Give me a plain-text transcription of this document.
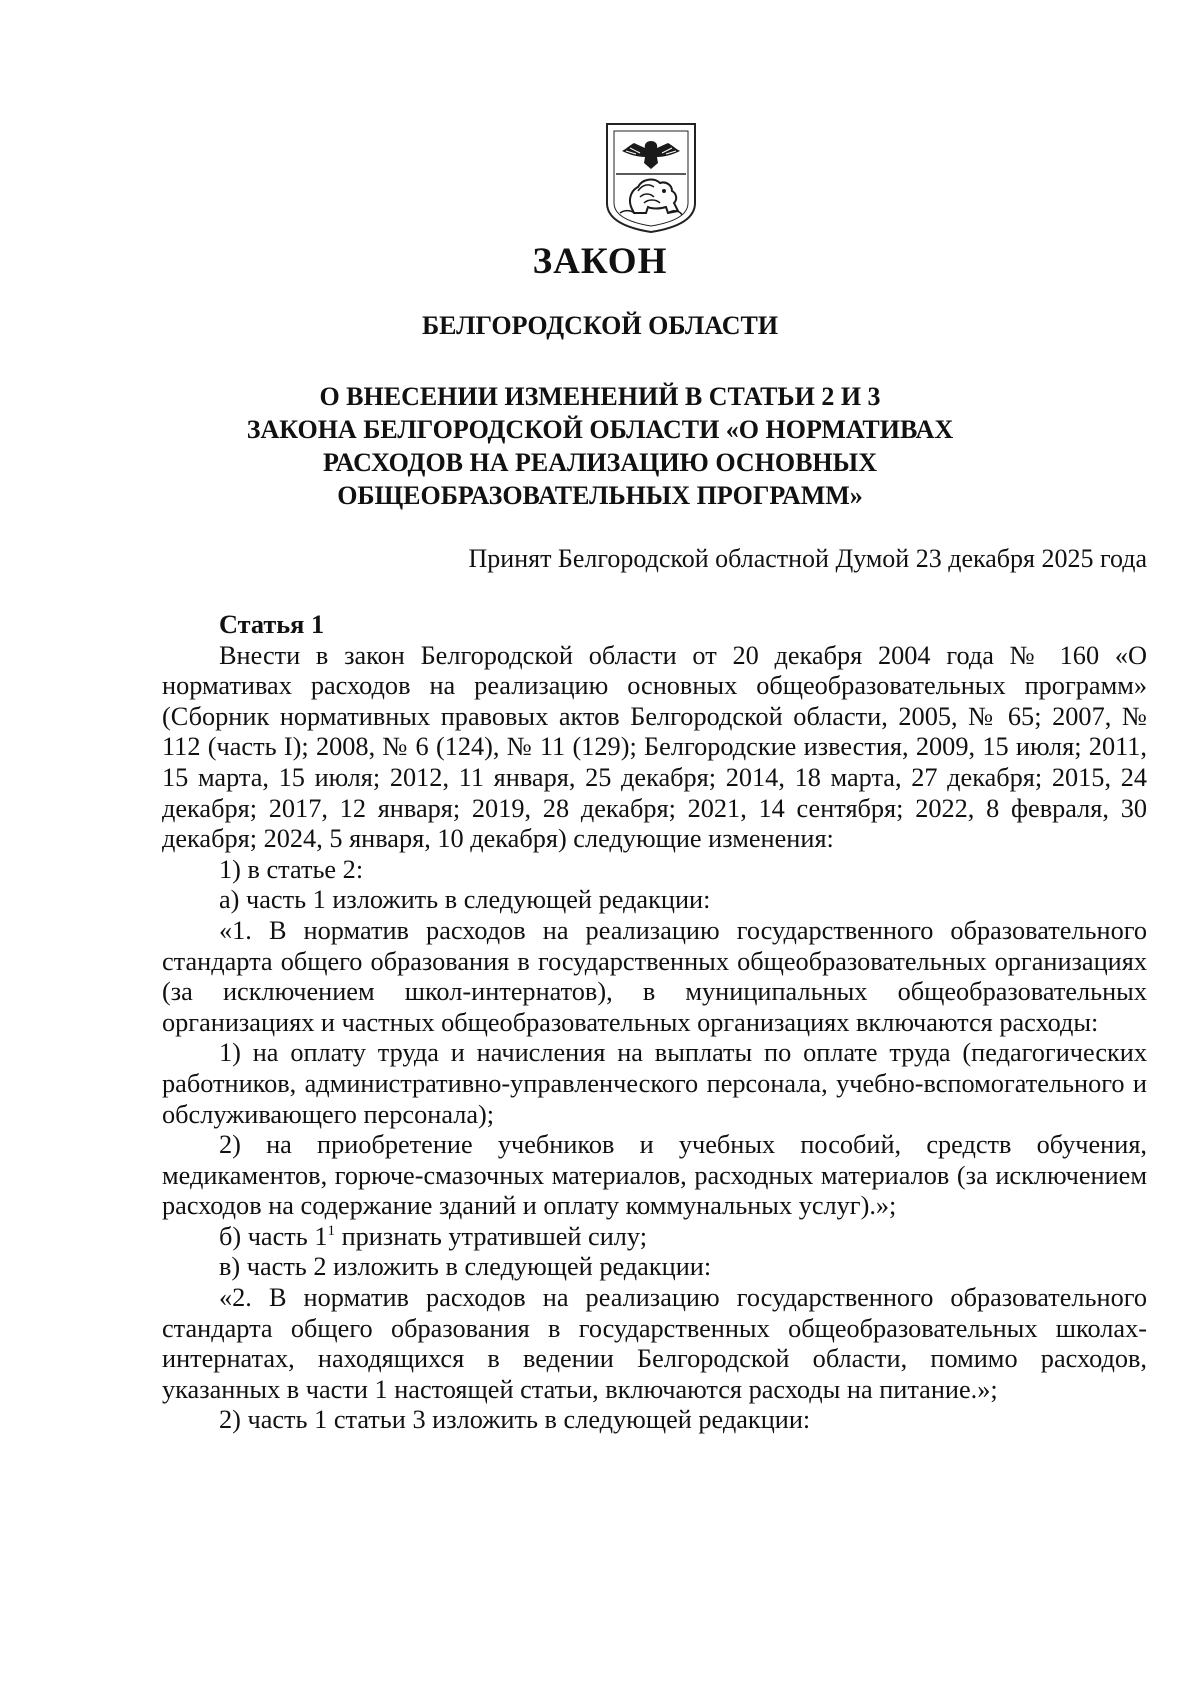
ЗАКОН
БЕЛГОРОДСКОЙ ОБЛАСТИ
О ВНЕСЕНИИ ИЗМЕНЕНИЙ В СТАТЬИ 2 И 3
ЗАКОНА БЕЛГОРОДСКОЙ ОБЛАСТИ «О НОРМАТИВАХ
РАСХОДОВ НА РЕАЛИЗАЦИЮ ОСНОВНЫХ
ОБЩЕОБРАЗОВАТЕЛЬНЫХ ПРОГРАММ»
Принят Белгородской областной Думой 23 декабря 2025 года

Статья 1

Внести в закон Белгородской области от 20 декабря 2004 года № 160 «О нормативах расходов на реализацию основных общеобразовательных программ» (Сборник нормативных правовых актов Белгородской области, 2005, № 65; 2007, № 112 (часть I); 2008, № 6 (124), № 11 (129); Белгородские известия, 2009, 15 июля; 2011, 15 марта, 15 июля; 2012, 11 января, 25 декабря; 2014, 18 марта, 27 декабря; 2015, 24 декабря; 2017, 12 января; 2019, 28 декабря; 2021, 14 сентября; 2022, 8 февраля, 30 декабря; 2024, 5 января, 10 декабря) следующие изменения:

1) в статье 2:

а) часть 1 изложить в следующей редакции:

«1. В норматив расходов на реализацию государственного образовательного стандарта общего образования в государственных общеобразовательных организациях (за исключением школ-интернатов), в муниципальных общеобразовательных организациях и частных общеобразовательных организациях включаются расходы:

1) на оплату труда и начисления на выплаты по оплате труда (педагогических работников, административно-управленческого персонала, учебно-вспомогательного и обслуживающего персонала);

2) на приобретение учебников и учебных пособий, средств обучения, медикаментов, горюче-смазочных материалов, расходных материалов (за исключением расходов на содержание зданий и оплату коммунальных услуг).»;

б) часть $1^1$ признать утратившей силу;

в) часть 2 изложить в следующей редакции:

«2. В норматив расходов на реализацию государственного образовательного стандарта общего образования в государственных общеобразовательных школах-интернатах, находящихся в ведении Белгородской области, помимо расходов, указанных в части 1 настоящей статьи, включаются расходы на питание.»;

2) часть 1 статьи 3 изложить в следующей редакции:
